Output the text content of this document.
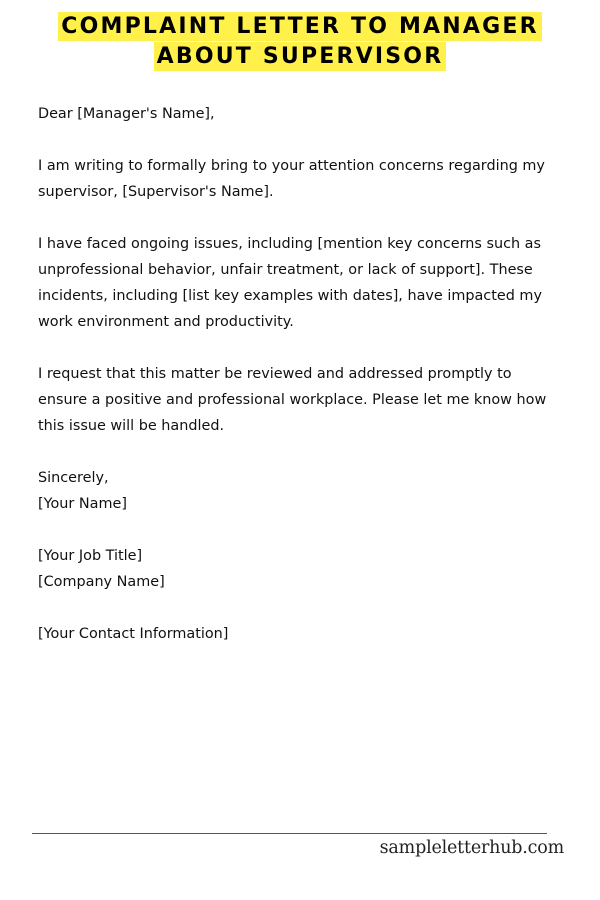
COMPLAINT LETTER TO MANAGER
ABOUT SUPERVISOR

Dear [Manager's Name],

I am writing to formally bring to your attention concerns regarding my
supervisor, [Supervisor's Name].

I have faced ongoing issues, including [mention key concerns such as
unprofessional behavior, unfair treatment, or lack of support]. These
incidents, including [list key examples with dates], have impacted my
work environment and productivity.

I request that this matter be reviewed and addressed promptly to
ensure a positive and professional workplace. Please let me know how
this issue will be handled.

Sincerely,

[Your Name]

[Your Job Title]

[Company Name]

[Your Contact Information]

sampleletterhub.com
